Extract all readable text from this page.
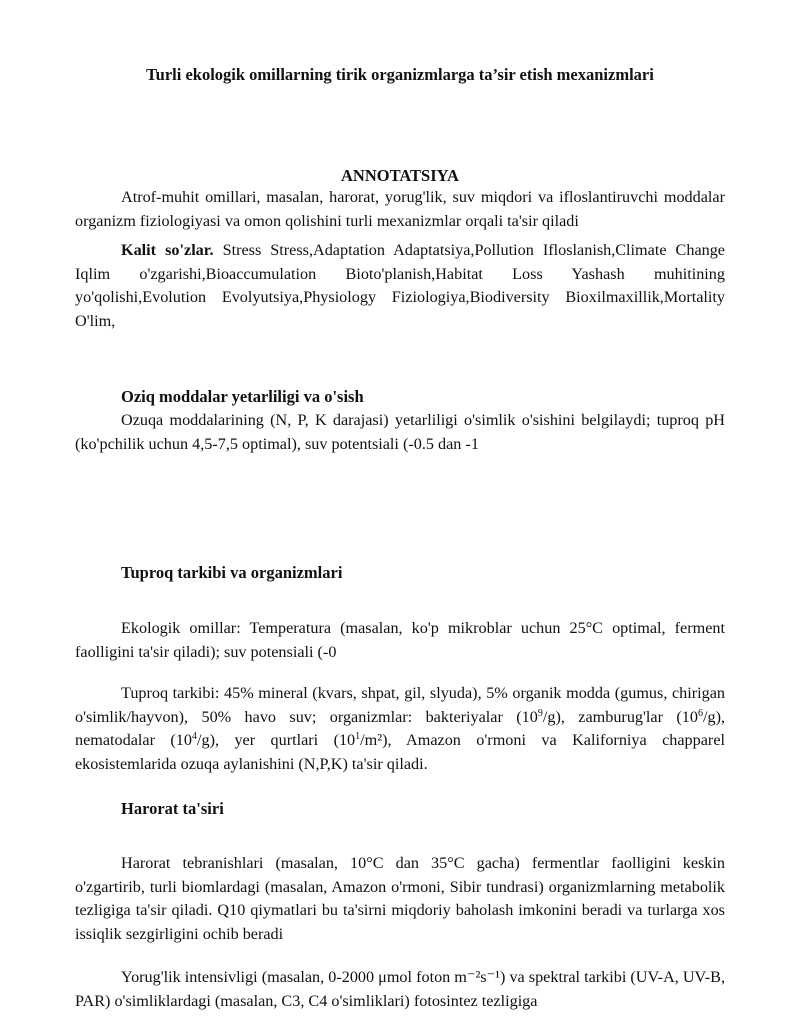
Turli ekologik omillarning tirik organizmlarga ta’sir etish mexanizmlari
ANNOTATSIYA
Atrof-muhit omillari, masalan, harorat, yorug'lik, suv miqdori va ifloslantiruvchi moddalar organizm fiziologiyasi va omon qolishini turli mexanizmlar orqali ta'sir qiladi
Kalit so'zlar. Stress Stress,Adaptation Adaptatsiya,Pollution Ifloslanish,Climate Change Iqlim o'zgarishi,Bioaccumulation Bioto'planish,Habitat Loss Yashash muhitining yo'qolishi,Evolution Evolyutsiya,Physiology Fiziologiya,Biodiversity Bioxilmaxillik,Mortality O'lim,
Oziq moddalar yetarliligi va o'sish
Ozuqa moddalarining (N, P, K darajasi) yetarliligi o'simlik o'sishini belgilaydi; tuproq pH (ko'pchilik uchun 4,5-7,5 optimal), suv potentsiali (-0.5 dan -1
Tuproq tarkibi va organizmlari
Ekologik omillar: Temperatura (masalan, ko'p mikroblar uchun 25°C optimal, ferment faolligini ta'sir qiladi); suv potensiali (-0
Tuproq tarkibi: 45% mineral (kvars, shpat, gil, slyuda), 5% organik modda (gumus, chirigan o'simlik/hayvon), 50% havo suv; organizmlar: bakteriyalar $(10^9/g)$, zamburug'lar $(10^6/g)$, nematodalar $(10^4/g)$, yer qurtlari $(10^1/m^2)$, Amazon o'rmoni va Kaliforniya chapparel ekosistemlarida ozuqa aylanishini (N,P,K) ta'sir qiladi.
Harorat ta'siri
Harorat tebranishlari (masalan, 10°C dan 35°C gacha) fermentlar faolligini keskin o'zgartirib, turli biomlardagi (masalan, Amazon o'rmoni, Sibir tundrasi) organizmlarning metabolik tezligiga ta'sir qiladi. Q10 qiymatlari bu ta'sirni miqdoriy baholash imkonini beradi va turlarga xos issiqlik sezgirligini ochib beradi
Yorug'lik intensivligi (masalan, 0-2000 μmol foton m⁻²s⁻¹) va spektral tarkibi (UV-A, UV-B, PAR) o'simliklardagi (masalan, C3, C4 o'simliklari) fotosintez tezligiga
